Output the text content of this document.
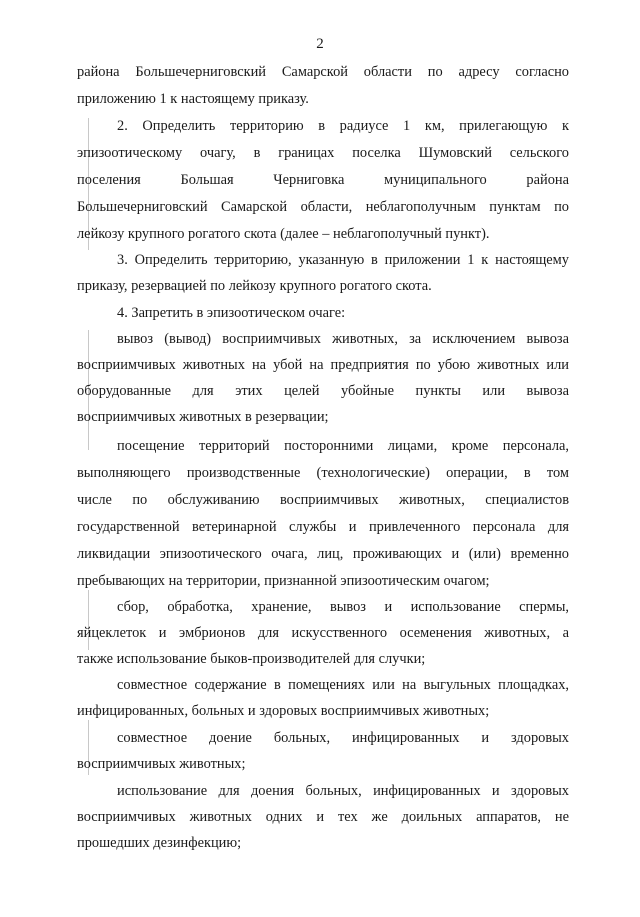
2
района Большечерниговский Самарской области по адресу согласно
приложению 1 к настоящему приказу.
2. Определить территорию в радиусе 1 км, прилегающую к
эпизоотическому очагу, в границах поселка Шумовский сельского
поселения Большая Черниговка муниципального района
Большечерниговский Самарской области, неблагополучным пунктам по
лейкозу крупного рогатого скота (далее – неблагополучный пункт).
3. Определить территорию, указанную в приложении 1 к настоящему
приказу, резервацией по лейкозу крупного рогатого скота.
4. Запретить в эпизоотическом очаге:
вывоз (вывод) восприимчивых животных, за исключением вывоза
восприимчивых животных на убой на предприятия по убою животных или
оборудованные для этих целей убойные пункты или вывоза
восприимчивых животных в резервации;
посещение территорий посторонними лицами, кроме персонала,
выполняющего производственные (технологические) операции, в том
числе по обслуживанию восприимчивых животных, специалистов
государственной ветеринарной службы и привлеченного персонала для
ликвидации эпизоотического очага, лиц, проживающих и (или) временно
пребывающих на территории, признанной эпизоотическим очагом;
сбор, обработка, хранение, вывоз и использование спермы,
яйцеклеток и эмбрионов для искусственного осеменения животных, а
также использование быков-производителей для случки;
совместное содержание в помещениях или на выгульных площадках,
инфицированных, больных и здоровых восприимчивых животных;
совместное доение больных, инфицированных и здоровых
восприимчивых животных;
использование для доения больных, инфицированных и здоровых
восприимчивых животных одних и тех же доильных аппаратов, не
прошедших дезинфекцию;
